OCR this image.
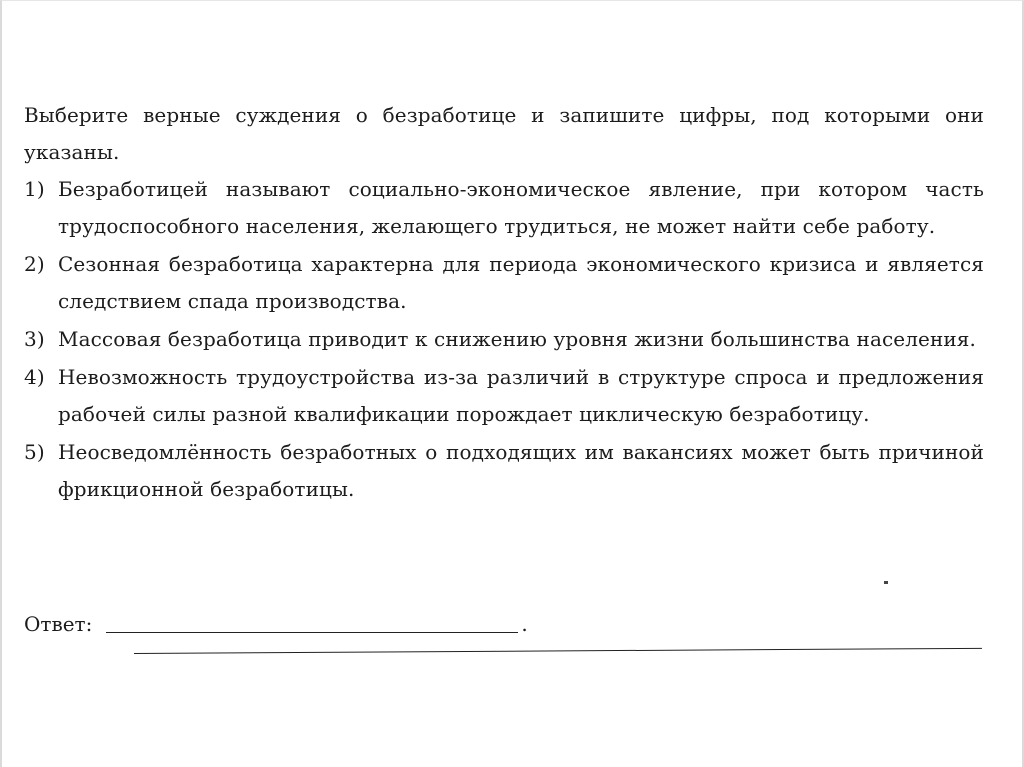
Выберите верные суждения о безработице и запишите цифры, под которыми они указаны.

1) Безработицей называют социально-экономическое явление, при котором часть трудоспособного населения, желающего трудиться, не может найти себе работу.
2) Сезонная безработица характерна для периода экономического кризиса и является следствием спада производства.
3) Массовая безработица приводит к снижению уровня жизни большинства населения.
4) Невозможность трудоустройства из-за различий в структуре спроса и предложения рабочей силы разной квалификации порождает циклическую безработицу.
5) Неосведомлённость безработных о подходящих им вакансиях может быть причиной фрикционной безработицы.
Ответ:	.
